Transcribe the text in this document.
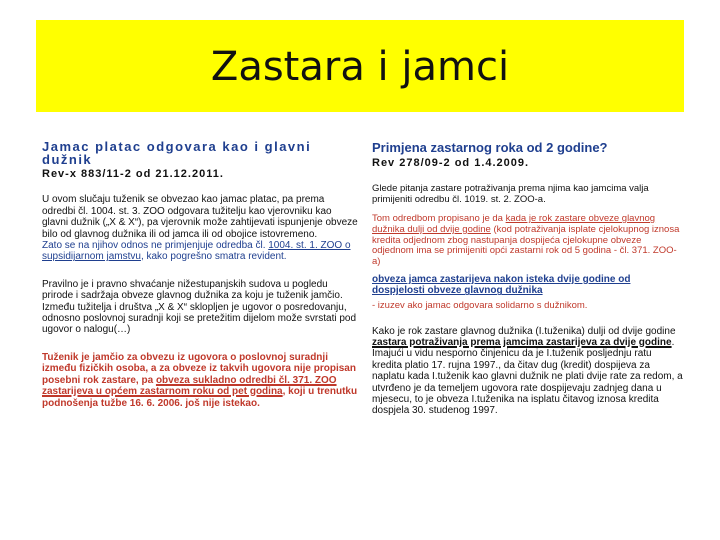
Zastara i jamci
Jamac platac odgovara kao i glavni dužnik
Rev-x 883/11-2 od 21.12.2011.

U ovom slučaju tuženik se obvezao kao jamac platac, pa prema odredbi čl. 1004. st. 3. ZOO odgovara tužitelju kao vjerovniku kao glavni dužnik („X & X“), pa vjerovnik može zahtijevati ispunjenje obveze bilo od glavnog dužnika ili od jamca ili od obojice istovremeno.

Zato se na njihov odnos ne primjenjuje odredba čl. 1004. st. 1. ZOO o supsidijarnom jamstvu, kako pogrešno smatra revident.

Pravilno je i pravno shvaćanje nižestupanjskih sudova u pogledu prirode i sadržaja obveze glavnog dužnika za koju je tuženik jamčio. Između tužitelja i društva „X & X“ sklopljen je ugovor o posredovanju, odnosno poslovnoj suradnji koji se pretežitim dijelom može svrstati pod ugovor o nalogu(…)

Tuženik je jamčio za obvezu iz ugovora o poslovnoj suradnji između fizičkih osoba, a za obveze iz takvih ugovora nije propisan posebni rok zastare, pa obveza sukladno odredbi čl. 371. ZOO zastarijeva u općem zastarnom roku od pet godina, koji u trenutku podnošenja tužbe 16. 6. 2006. još nije istekao.

Primjena zastarnog roka od 2 godine?
Rev 278/09-2 od 1.4.2009.

Glede pitanja zastare potraživanja prema njima kao jamcima valja primijeniti odredbu čl. 1019. st. 2. ZOO-a.

Tom odredbom propisano je da kada je rok zastare obveze glavnog dužnika dulji od dvije godine (kod potraživanja isplate cjelokupnog iznosa kredita odjednom zbog nastupanja dospijeća cjelokupne obveze odjednom ima se primijeniti opći zastarni rok od 5 godina - čl. 371. ZOO-a)

obveza jamca zastarijeva nakon isteka dvije godine od dospjelosti obveze glavnog dužnika

- izuzev ako jamac odgovara solidarno s dužnikom.

Kako je rok zastare glavnog dužnika (I.tuženika) dulji od dvije godine zastara potraživanja prema jamcima zastarijeva za dvije godine. Imajući u vidu nesporno činjenicu da je I.tuženik posljednju ratu kredita platio 17. rujna 1997., da čitav dug (kredit) dospijeva za naplatu kada I.tuženik kao glavni dužnik ne plati dvije rate za redom, a utvrđeno je da temeljem ugovora rate dospijevaju zadnjeg dana u mjesecu, to je obveza I.tuženika na isplatu čitavog iznosa kredita dospjela 30. studenog 1997.
